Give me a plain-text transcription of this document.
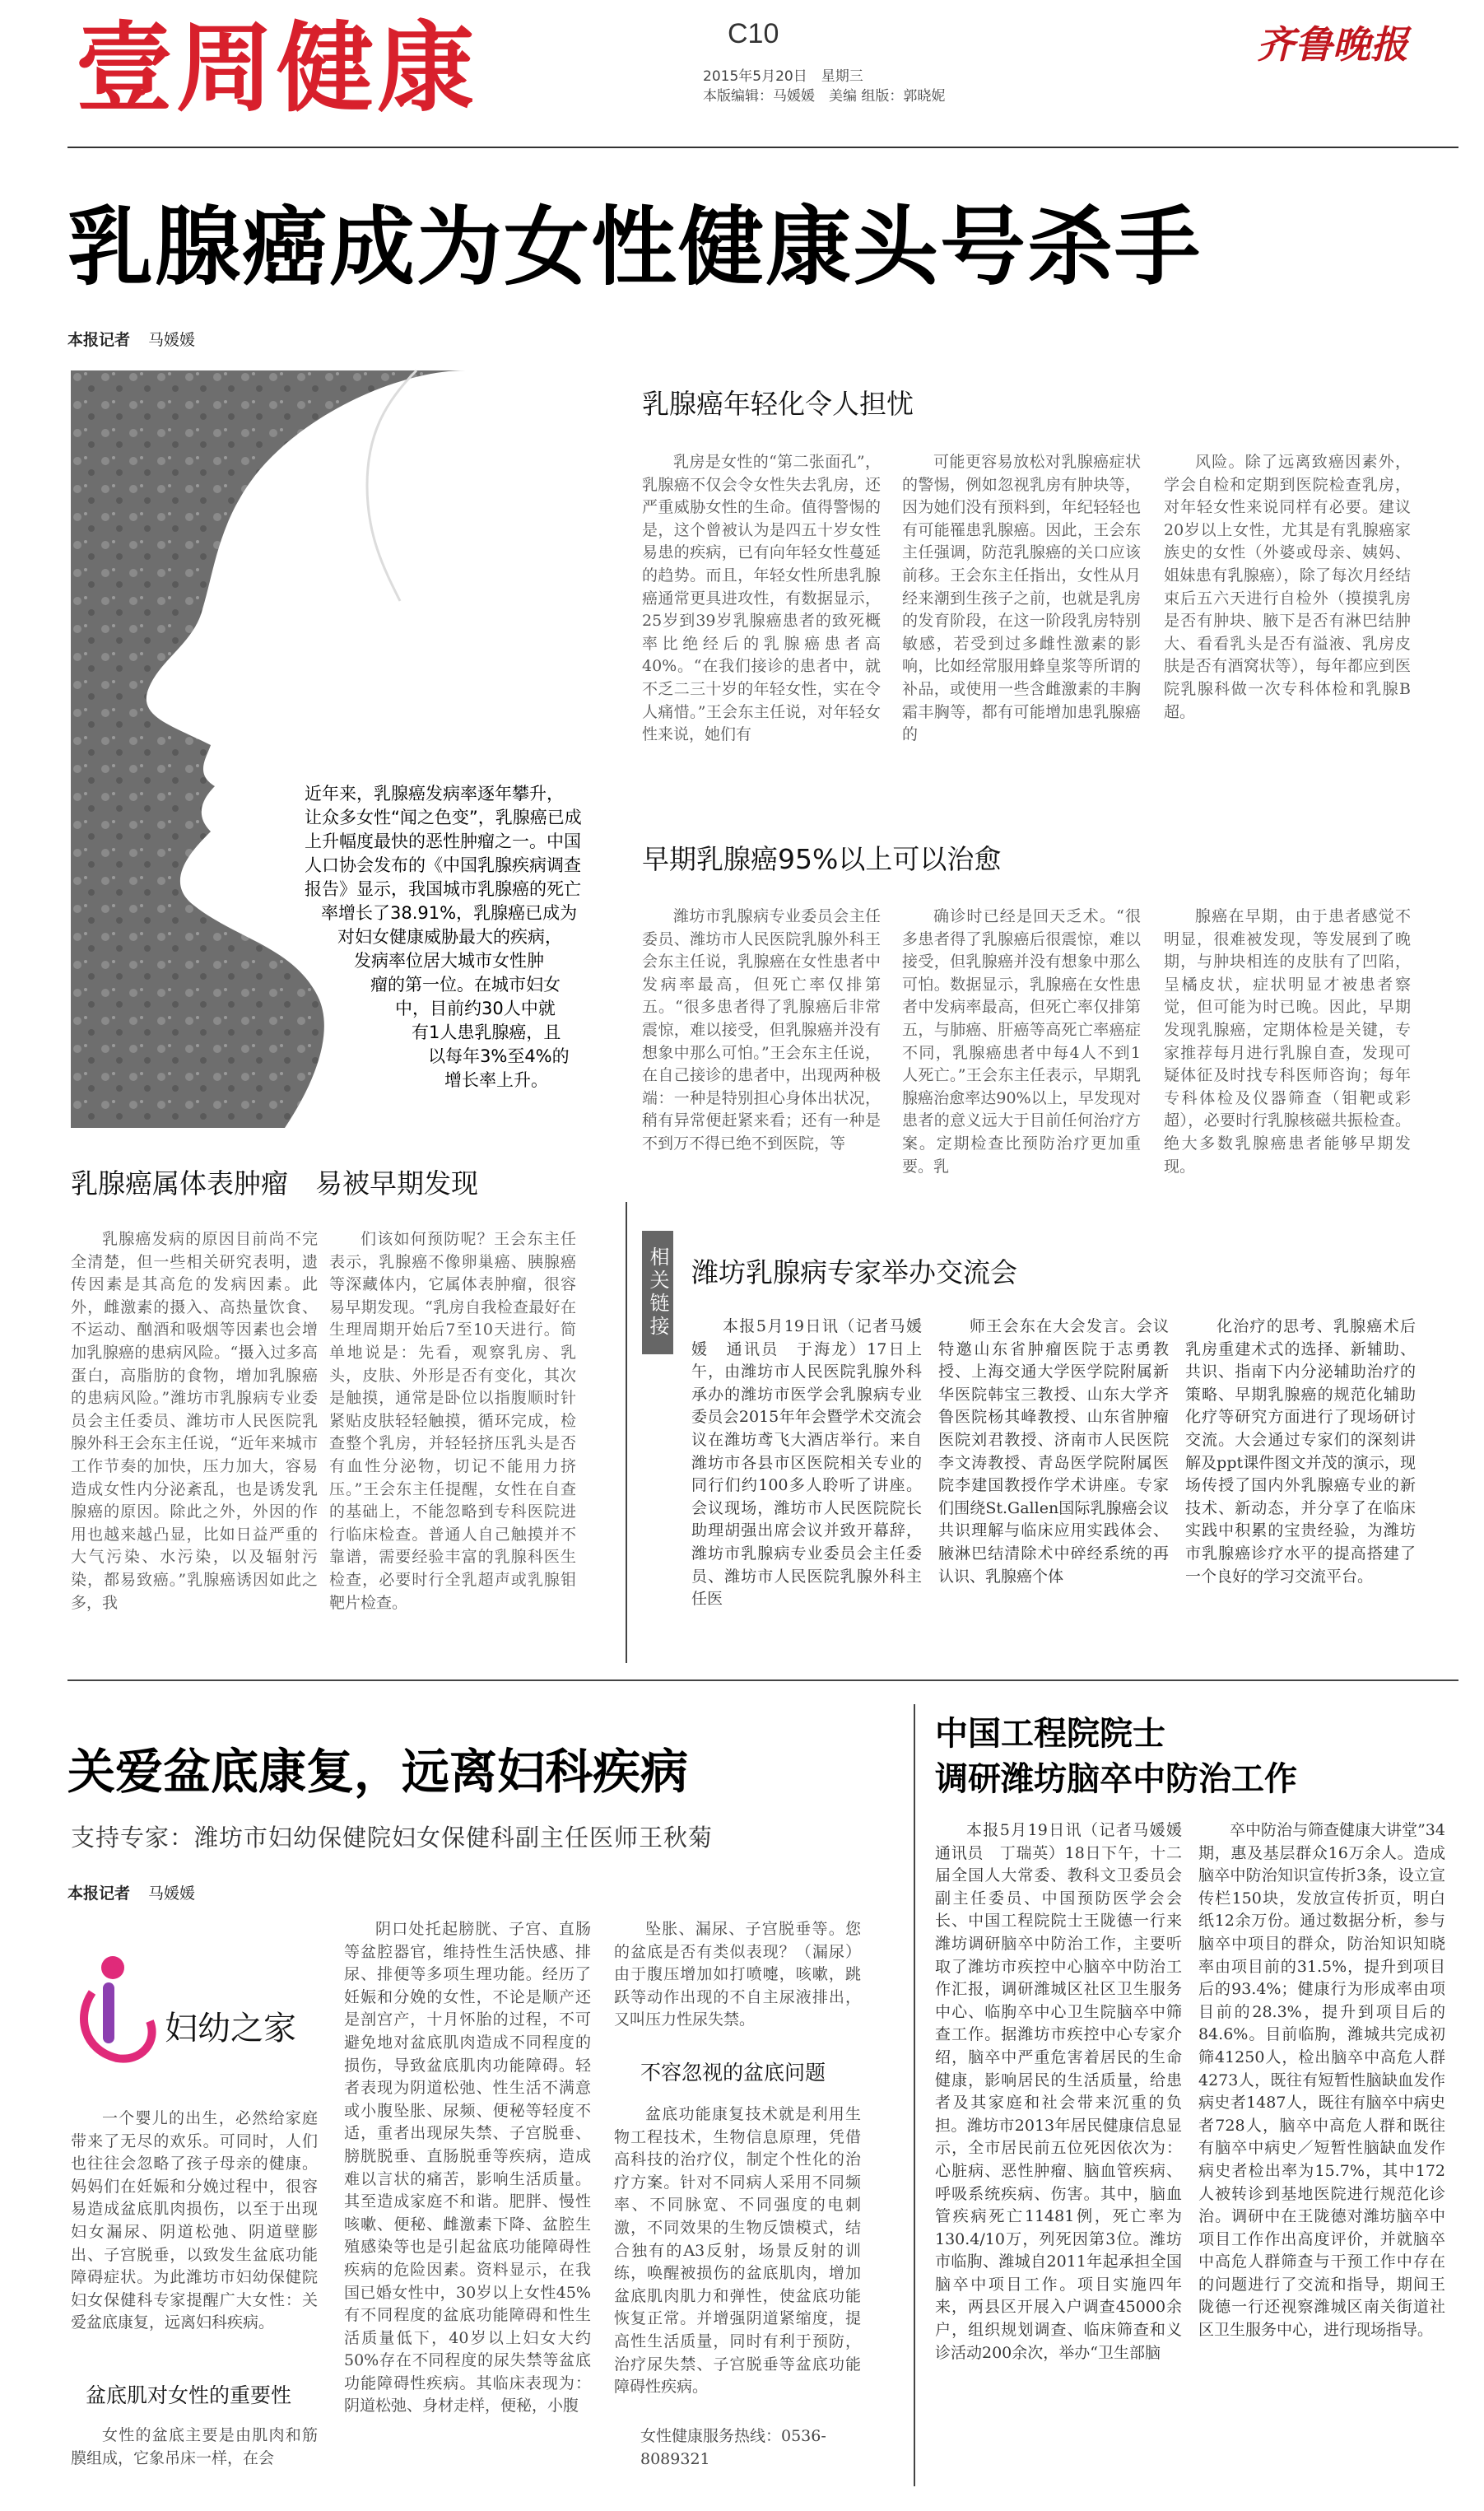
壹周健康	C10
2015年5月20日　星期三
本版编辑：马媛媛　美编 组版：郭晓妮
齐鲁晚报
乳腺癌成为女性健康头号杀手
本报记者 马媛媛

近年来，乳腺癌发病率逐年攀升，

让众多女性“闻之色变”，乳腺癌已成

上升幅度最快的恶性肿瘤之一。中国

人口协会发布的《中国乳腺疾病调查

报告》显示，我国城市乳腺癌的死亡

率增长了38.91%，乳腺癌已成为

对妇女健康威胁最大的疾病，

发病率位居大城市女性肿

瘤的第一位。在城市妇女

中，目前约30人中就

有1人患乳腺癌，且

以每年3%至4%的

增长率上升。

乳腺癌年轻化令人担忧
乳房是女性的“第二张面孔”，乳腺癌不仅会令女性失去乳房，还严重威胁女性的生命。值得警惕的是，这个曾被认为是四五十岁女性易患的疾病，已有向年轻女性蔓延的趋势。而且，年轻女性所患乳腺癌通常更具进攻性，有数据显示，25岁到39岁乳腺癌患者的致死概率比绝经后的乳腺癌患者高40%。“在我们接诊的患者中，就不乏二三十岁的年轻女性，实在令人痛惜。”王会东主任说，对年轻女性来说，她们有
可能更容易放松对乳腺癌症状的警惕，例如忽视乳房有肿块等，因为她们没有预料到，年纪轻轻也有可能罹患乳腺癌。因此，王会东主任强调，防范乳腺癌的关口应该前移。王会东主任指出，女性从月经来潮到生孩子之前，也就是乳房的发育阶段，在这一阶段乳房特别敏感，若受到过多雌性激素的影响，比如经常服用蜂皇浆等所谓的补品，或使用一些含雌激素的丰胸霜丰胸等，都有可能增加患乳腺癌的
风险。除了远离致癌因素外，学会自检和定期到医院检查乳房，对年轻女性来说同样有必要。建议20岁以上女性，尤其是有乳腺癌家族史的女性（外婆或母亲、姨妈、姐妹患有乳腺癌），除了每次月经结束后五六天进行自检外（摸摸乳房是否有肿块、腋下是否有淋巴结肿大、看看乳头是否有溢液、乳房皮肤是否有酒窝状等），每年都应到医院乳腺科做一次专科体检和乳腺B超。
早期乳腺癌95%以上可以治愈
潍坊市乳腺病专业委员会主任委员、潍坊市人民医院乳腺外科王会东主任说，乳腺癌在女性患者中发病率最高，但死亡率仅排第五。“很多患者得了乳腺癌后非常震惊，难以接受，但乳腺癌并没有想象中那么可怕。”王会东主任说，在自己接诊的患者中，出现两种极端：一种是特别担心身体出状况，稍有异常便赶紧来看；还有一种是不到万不得已绝不到医院，等
确诊时已经是回天乏术。“很多患者得了乳腺癌后很震惊，难以接受，但乳腺癌并没有想象中那么可怕。数据显示，乳腺癌在女性患者中发病率最高，但死亡率仅排第五，与肺癌、肝癌等高死亡率癌症不同，乳腺癌患者中每4人不到1人死亡。”王会东主任表示，早期乳腺癌治愈率达90%以上，早发现对患者的意义远大于目前任何治疗方案。定期检查比预防治疗更加重要。乳
腺癌在早期，由于患者感觉不明显，很难被发现，等发展到了晚期，与肿块相连的皮肤有了凹陷，呈橘皮状，症状明显才被患者察觉，但可能为时已晚。因此，早期发现乳腺癌，定期体检是关键，专家推荐每月进行乳腺自查，发现可疑体征及时找专科医师咨询；每年专科体检及仪器筛查（钼靶或彩超），必要时行乳腺核磁共振检查。绝大多数乳腺癌患者能够早期发现。
乳腺癌属体表肿瘤　易被早期发现
乳腺癌发病的原因目前尚不完全清楚，但一些相关研究表明，遗传因素是其高危的发病因素。此外，雌激素的摄入、高热量饮食、不运动、酗酒和吸烟等因素也会增加乳腺癌的患病风险。“摄入过多高蛋白，高脂肪的食物，增加乳腺癌的患病风险。”潍坊市乳腺病专业委员会主任委员、潍坊市人民医院乳腺外科王会东主任说，“近年来城市工作节奏的加快，压力加大，容易造成女性内分泌紊乱，也是诱发乳腺癌的原因。除此之外，外因的作用也越来越凸显，比如日益严重的大气污染、水污染，以及辐射污染，都易致癌。”乳腺癌诱因如此之多，我
们该如何预防呢？王会东主任表示，乳腺癌不像卵巢癌、胰腺癌等深藏体内，它属体表肿瘤，很容易早期发现。“乳房自我检查最好在生理周期开始后7至10天进行。简单地说是：先看，观察乳房、乳头，皮肤、外形是否有变化，其次是触摸，通常是卧位以指腹顺时针紧贴皮肤轻轻触摸，循环完成，检查整个乳房，并轻轻挤压乳头是否有血性分泌物，切记不能用力挤压。”王会东主任提醒，女性在自查的基础上，不能忽略到专科医院进行临床检查。普通人自己触摸并不靠谱，需要经验丰富的乳腺科医生检查，必要时行全乳超声或乳腺钼靶片检查。
相关链接 潍坊乳腺病专家举办交流会
本报5月19日讯（记者马媛媛　通讯员　于海龙）17日上午，由潍坊市人民医院乳腺外科承办的潍坊市医学会乳腺病专业委员会2015年年会暨学术交流会议在潍坊鸢飞大酒店举行。来自潍坊市各县市区医院相关专业的同行们约100多人聆听了讲座。会议现场，潍坊市人民医院院长助理胡强出席会议并致开幕辞，潍坊市乳腺病专业委员会主任委员、潍坊市人民医院乳腺外科主任医
师王会东在大会发言。会议特邀山东省肿瘤医院于志勇教授、上海交通大学医学院附属新华医院韩宝三教授、山东大学齐鲁医院杨其峰教授、山东省肿瘤医院刘君教授、济南市人民医院李文涛教授、青岛医学院附属医院李建国教授作学术讲座。专家们围绕St.Gallen国际乳腺癌会议共识理解与临床应用实践体会、腋淋巴结清除术中碎经系统的再认识、乳腺癌个体
化治疗的思考、乳腺癌术后乳房重建术式的选择、新辅助、共识、指南下内分泌辅助治疗的策略、早期乳腺癌的规范化辅助化疗等研究方面进行了现场研讨交流。大会通过专家们的深刻讲解及ppt课件图文并茂的演示，现场传授了国内外乳腺癌专业的新技术、新动态，并分享了在临床实践中积累的宝贵经验，为潍坊市乳腺癌诊疗水平的提高搭建了一个良好的学习交流平台。
关爱盆底康复，远离妇科疾病
支持专家：潍坊市妇幼保健院妇女保健科副主任医师王秋菊
本报记者 马媛媛
妇幼之家
一个婴儿的出生，必然给家庭带来了无尽的欢乐。可同时，人们也往往会忽略了孩子母亲的健康。妈妈们在妊娠和分娩过程中，很容易造成盆底肌肉损伤，以至于出现妇女漏尿、阴道松弛、阴道壁膨出、子宫脱垂，以致发生盆底功能障碍症状。为此潍坊市妇幼保健院妇女保健科专家提醒广大女性：关爱盆底康复，远离妇科疾病。
盆底肌对女性的重要性
女性的盆底主要是由肌肉和筋膜组成，它象吊床一样，在会
阴口处托起膀胱、子宫、直肠等盆腔器官，维持性生活快感、排尿、排便等多项生理功能。经历了妊娠和分娩的女性，不论是顺产还是剖宫产，十月怀胎的过程，不可避免地对盆底肌肉造成不同程度的损伤，导致盆底肌肉功能障碍。轻者表现为阴道松弛、性生活不满意或小腹坠胀、尿频、便秘等轻度不适，重者出现尿失禁、子宫脱垂、膀胱脱垂、直肠脱垂等疾病，造成难以言状的痛苦，影响生活质量。其至造成家庭不和谐。肥胖、慢性咳嗽、便秘、雌激素下降、盆腔生殖感染等也是引起盆底功能障碍性疾病的危险因素。资料显示，在我国已婚女性中，30岁以上女性45%有不同程度的盆底功能障碍和性生活质量低下，40岁以上妇女大约50%存在不同程度的尿失禁等盆底功能障碍性疾病。其临床表现为：阴道松弛、身材走样，便秘，小腹
坠胀、漏尿、子宫脱垂等。您的盆底是否有类似表现？（漏尿）由于腹压增加如打喷嚏，咳嗽，跳跃等动作出现的不自主尿液排出，又叫压力性尿失禁。
不容忽视的盆底问题
盆底功能康复技术就是利用生物工程技术，生物信息原理，凭借高科技的治疗仪，制定个性化的治疗方案。针对不同病人采用不同频率、不同脉宽、不同强度的电刺激，不同效果的生物反馈模式，结合独有的A3反射，场景反射的训练，唤醒被损伤的盆底肌肉，增加盆底肌肉肌力和弹性，使盆底功能恢复正常。并增强阴道紧缩度，提高性生活质量，同时有利于预防，治疗尿失禁、子宫脱垂等盆底功能障碍性疾病。
女性健康服务热线：0536-8089321
中国工程院院士
调研潍坊脑卒中防治工作
本报5月19日讯（记者马媛媛　通讯员　丁瑞英）18日下午，十二届全国人大常委、教科文卫委员会副主任委员、中国预防医学会会长、中国工程院院士王陇德一行来潍坊调研脑卒中防治工作，主要听取了潍坊市疾控中心脑卒中防治工作汇报，调研潍城区社区卫生服务中心、临朐卒中心卫生院脑卒中筛查工作。据潍坊市疾控中心专家介绍，脑卒中严重危害着居民的生命健康，影响居民的生活质量，给患者及其家庭和社会带来沉重的负担。潍坊市2013年居民健康信息显示，全市居民前五位死因依次为：心脏病、恶性肿瘤、脑血管疾病、呼吸系统疾病、伤害。其中，脑血管疾病死亡11481例，死亡率为130.4/10万，列死因第3位。潍坊市临朐、潍城自2011年起承担全国脑卒中项目工作。项目实施四年来，两县区开展入户调查45000余户，组织规划调查、临床筛查和义诊活动200余次，举办“卫生部脑
卒中防治与筛查健康大讲堂”34期，惠及基层群众16万余人。造成脑卒中防治知识宣传折3条，设立宣传栏150块，发放宣传折页，明白纸12余万份。通过数据分析，参与脑卒中项目的群众，防治知识知晓率由项目前的31.5%，提升到项目后的93.4%；健康行为形成率由项目前的28.3%，提升到项目后的84.6%。目前临朐，潍城共完成初筛41250人，检出脑卒中高危人群4273人，既往有短暂性脑缺血发作病史者1487人，既往有脑卒中病史者728人，脑卒中高危人群和既往有脑卒中病史／短暂性脑缺血发作病史者检出率为15.7%，其中172人被转诊到基地医院进行规范化诊治。调研中在王陇德对潍坊脑卒中项目工作作出高度评价，并就脑卒中高危人群筛查与干预工作中存在的问题进行了交流和指导，期间王陇德一行还视察潍城区南关街道社区卫生服务中心，进行现场指导。
